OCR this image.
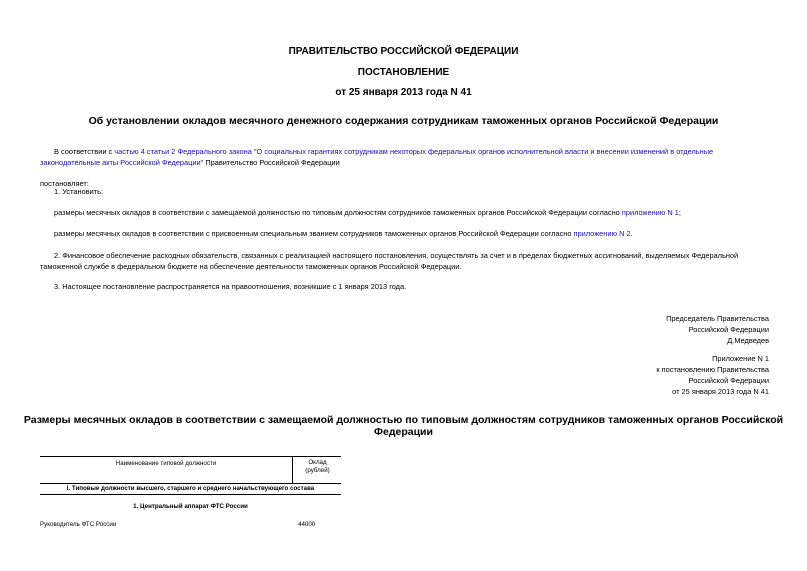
ПРАВИТЕЛЬСТВО РОССИЙСКОЙ ФЕДЕРАЦИИ
ПОСТАНОВЛЕНИЕ
от 25 января 2013 года N 41
Об установлении окладов месячного денежного содержания сотрудникам таможенных органов Российской Федерации
В соответствии с частью 4 статьи 2 Федерального закона "О социальных гарантиях сотрудникам некоторых федеральных органов исполнительной власти и внесении изменений в отдельные законодательные акты Российской Федерации" Правительство Российской Федерации
постановляет:
1. Установить:
размеры месячных окладов в соответствии с замещаемой должностью по типовым должностям сотрудников таможенных органов Российской Федерации согласно приложению N 1;
размеры месячных окладов в соответствии с присвоенным специальным званием сотрудников таможенных органов Российской Федерации согласно приложению N 2.
2. Финансовое обеспечение расходных обязательств, связанных с реализацией настоящего постановления, осуществлять за счет и в пределах бюджетных ассигнований, выделяемых Федеральной таможенной службе в федеральном бюджете на обеспечение деятельности таможенных органов Российской Федерации.
3. Настоящее постановление распространяется на правоотношения, возникшие с 1 января 2013 года.
Председатель Правительства
Российской Федерации
Д.Медведев
Приложение N 1
к постановлению Правительства
Российской Федерации
от 25 января 2013 года N 41
Размеры месячных окладов в соответствии с замещаемой должностью по типовым должностям сотрудников таможенных органов Российской Федерации
Наименование типовой должности	Оклад
(рублей)
I. Типовые должности высшего, старшего и среднего начальствующего состава
1. Центральный аппарат ФТС России
Руководитель ФТС России	44000
